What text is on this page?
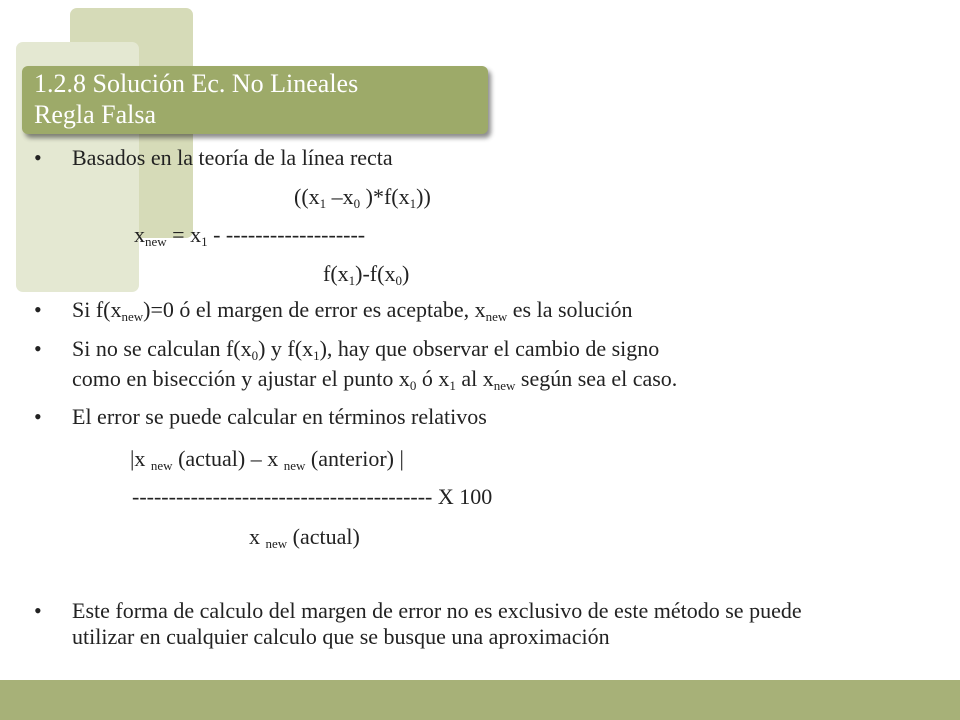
1.2.8 Solución Ec. No Lineales
Regla Falsa
• Basados en la teoría de la línea recta
(($x_1$ $-x_0$ )$*f(x_1)$)
$x_{new} = x_1$ - -------------------
$f(x_1)-f(x_0)$
• Si $f(x_{new})=0$ ó el margen de error es aceptabe, $x_{new}$ es la solución
• Si no se calculan $f(x_0)$ y $f(x_1)$, hay que observar el cambio de signo
como en bisección y ajustar el punto $x_0$ ó $x_1$ al $x_{new}$ según sea el caso.
• El error se puede calcular en términos relativos
|x $_{new}$ (actual) – x $_{new}$ (anterior) |
----------------------------------------- X 100
x $_{new}$ (actual)
• Este forma de calculo del margen de error no es exclusivo de este método se puede utilizar en cualquier calculo que se busque una aproximación
